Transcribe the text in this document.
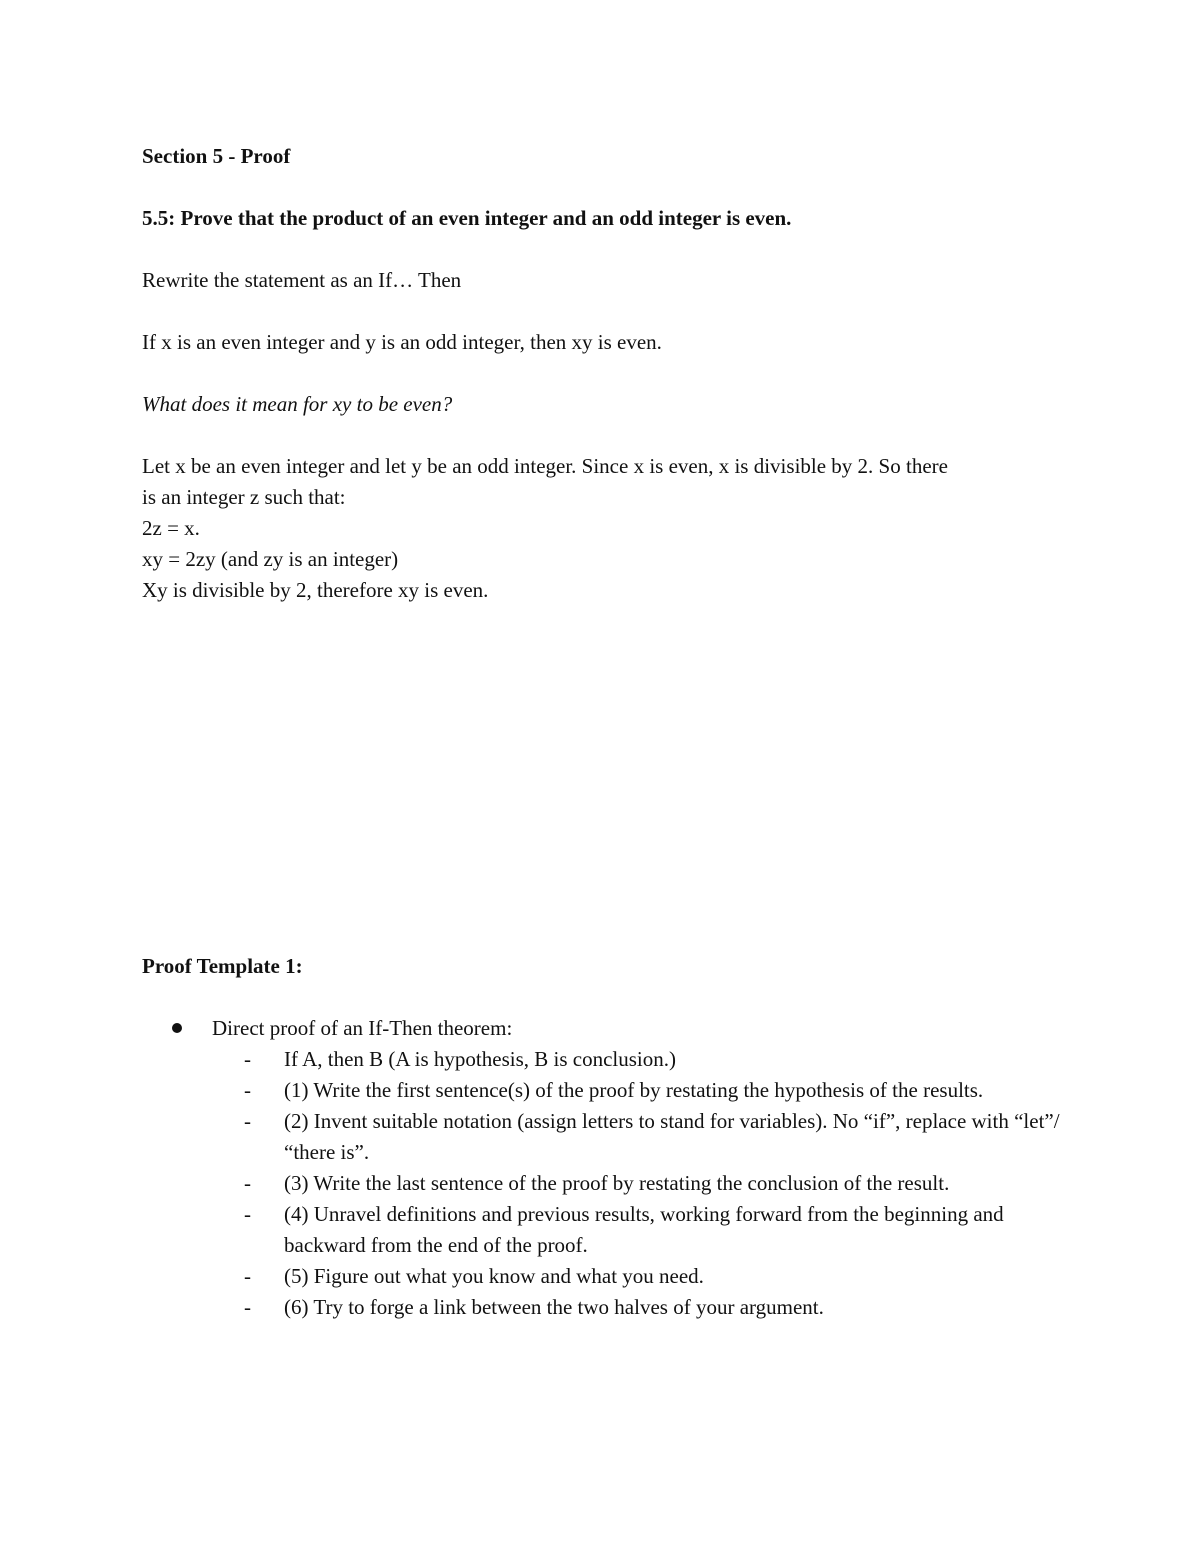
Section 5 - Proof
5.5: Prove that the product of an even integer and an odd integer is even.
Rewrite the statement as an If… Then
If x is an even integer and y is an odd integer, then xy is even.
What does it mean for xy to be even?
Let x be an even integer and let y be an odd integer. Since x is even, x is divisible by 2. So there
is an integer z such that:
2z = x.
xy = 2zy (and zy is an integer)
Xy is divisible by 2, therefore xy is even.
Proof Template 1:
Direct proof of an If-Then theorem:
- If A, then B (A is hypothesis, B is conclusion.)
- (1) Write the first sentence(s) of the proof by restating the hypothesis of the results.
- (2) Invent suitable notation (assign letters to stand for variables). No “if”, replace with “let”/ “there is”.
- (3) Write the last sentence of the proof by restating the conclusion of the result.
- (4) Unravel definitions and previous results, working forward from the beginning and backward from the end of the proof.
- (5) Figure out what you know and what you need.
- (6) Try to forge a link between the two halves of your argument.
